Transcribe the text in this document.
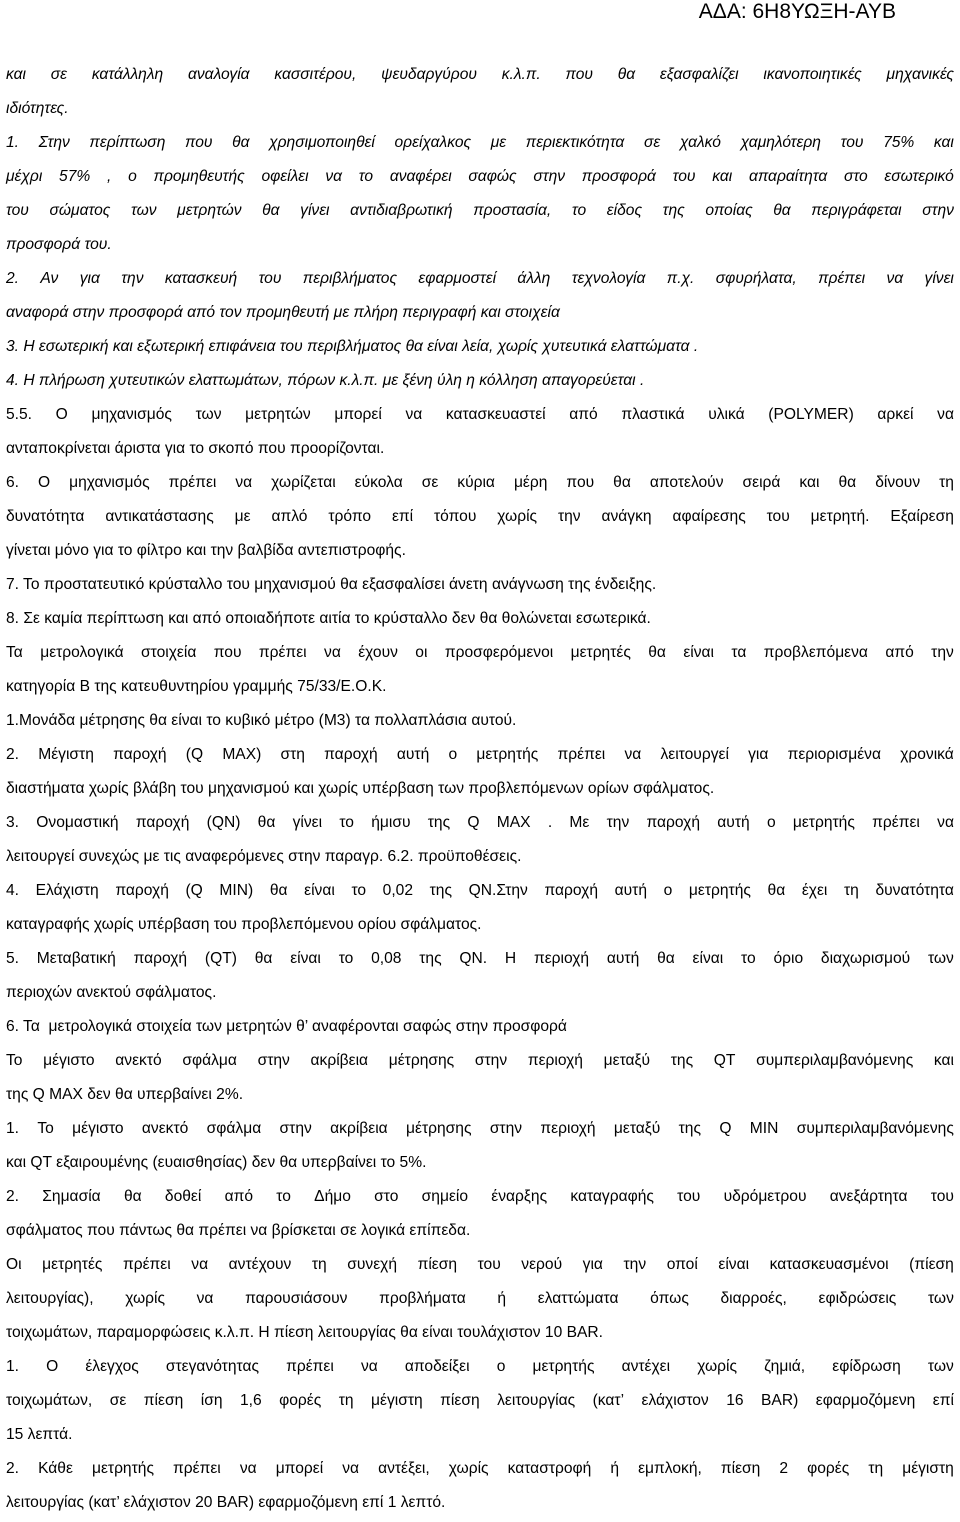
ΑΔΑ: 6Η8ΥΩΞΗ-ΑΥΒ
και σε κατάλληλη αναλογία κασσιτέρου, ψευδαργύρου κ.λ.π. που θα εξασφαλίζει ικανοποιητικές μηχανικές
ιδιότητες.
1. Στην περίπτωση που θα χρησιμοποιηθεί ορείχαλκος με περιεκτικότητα σε χαλκό χαμηλότερη του 75% και
μέχρι 57% , ο προμηθευτής οφείλει να το αναφέρει σαφώς στην προσφορά του και απαραίτητα στο εσωτερικό
του σώματος των μετρητών θα γίνει αντιδιαβρωτική προστασία, το είδος της οποίας θα περιγράφεται στην
προσφορά του.
2. Αν για την κατασκευή του περιβλήματος εφαρμοστεί άλλη τεχνολογία π.χ. σφυρήλατα, πρέπει να γίνει
αναφορά στην προσφορά από τον προμηθευτή με πλήρη περιγραφή και στοιχεία
3. Η εσωτερική και εξωτερική επιφάνεια του περιβλήματος θα είναι λεία, χωρίς χυτευτικά ελαττώματα .
4. Η πλήρωση χυτευτικών ελαττωμάτων, πόρων κ.λ.π. με ξένη ύλη η κόλληση απαγορεύεται .
5.5. Ο μηχανισμός των μετρητών μπορεί να κατασκευαστεί από πλαστικά υλικά (POLYMER) αρκεί να
ανταποκρίνεται άριστα για το σκοπό που προορίζονται.
6. Ο μηχανισμός πρέπει να χωρίζεται εύκολα σε κύρια μέρη που θα αποτελούν σειρά και θα δίνουν τη
δυνατότητα αντικατάστασης με απλό τρόπο επί τόπου χωρίς την ανάγκη αφαίρεσης του μετρητή. Εξαίρεση
γίνεται μόνο για το φίλτρο και την βαλβίδα αντεπιστροφής.
7. Το προστατευτικό κρύσταλλο του μηχανισμού θα εξασφαλίσει άνετη ανάγνωση της ένδειξης.
8. Σε καμία περίπτωση και από οποιαδήποτε αιτία το κρύσταλλο δεν θα θολώνεται εσωτερικά.
Τα μετρολογικά στοιχεία που πρέπει να έχουν οι προσφερόμενοι μετρητές θα είναι τα προβλεπόμενα από την
κατηγορία Β της κατευθυντηρίου γραμμής 75/33/Ε.Ο.Κ.
1.Μονάδα μέτρησης θα είναι το κυβικό μέτρο (Μ3) τα πολλαπλάσια αυτού.
2. Μέγιστη παροχή (Q MAX) στη παροχή αυτή ο μετρητής πρέπει να λειτουργεί για περιορισμένα χρονικά
διαστήματα χωρίς βλάβη του μηχανισμού και χωρίς υπέρβαση των προβλεπόμενων ορίων σφάλματος.
3. Ονομαστική παροχή (QN) θα γίνει το ήμισυ της Q MAX . Με την παροχή αυτή ο μετρητής πρέπει να
λειτουργεί συνεχώς με τις αναφερόμενες στην παραγρ. 6.2. προϋποθέσεις.
4. Ελάχιστη παροχή (Q MIN) θα είναι το 0,02 της QN.Στην παροχή αυτή ο μετρητής θα έχει τη δυνατότητα
καταγραφής χωρίς υπέρβαση του προβλεπόμενου ορίου σφάλματος.
5. Μεταβατική παροχή (QT) θα είναι το 0,08 της QN. Η περιοχή αυτή θα είναι το όριο διαχωρισμού των
περιοχών ανεκτού σφάλματος.
6. Τα  μετρολογικά στοιχεία των μετρητών θ’ αναφέρονται σαφώς στην προσφορά
Το μέγιστο ανεκτό σφάλμα στην ακρίβεια μέτρησης στην περιοχή μεταξύ της QT συμπεριλαμβανόμενης και
της Q MAX δεν θα υπερβαίνει 2%.
1. Το μέγιστο ανεκτό σφάλμα στην ακρίβεια μέτρησης στην περιοχή μεταξύ της Q MIN συμπεριλαμβανόμενης
και QT εξαιρουμένης (ευαισθησίας) δεν θα υπερβαίνει το 5%.
2. Σημασία θα δοθεί από το Δήμο στο σημείο έναρξης καταγραφής του υδρόμετρου ανεξάρτητα του
σφάλματος που πάντως θα πρέπει να βρίσκεται σε λογικά επίπεδα.
Οι μετρητές πρέπει να αντέχουν τη συνεχή πίεση του νερού για την οποί είναι κατασκευασμένοι (πίεση
λειτουργίας), χωρίς να παρουσιάσουν προβλήματα ή ελαττώματα όπως διαρροές, εφιδρώσεις των
τοιχωμάτων, παραμορφώσεις κ.λ.π. Η πίεση λειτουργίας θα είναι τουλάχιστον 10 BAR.
1. Ο έλεγχος στεγανότητας πρέπει να αποδείξει ο μετρητής αντέχει χωρίς ζημιά, εφίδρωση των
τοιχωμάτων, σε πίεση ίση 1,6 φορές τη μέγιστη πίεση λειτουργίας (κατ’ ελάχιστον 16 BAR) εφαρμοζόμενη επί
15 λεπτά.
2. Κάθε μετρητής πρέπει να μπορεί να αντέξει, χωρίς καταστροφή ή εμπλοκή, πίεση 2 φορές τη μέγιστη
λειτουργίας (κατ’ ελάχιστον 20 BAR) εφαρμοζόμενη επί 1 λεπτό.
